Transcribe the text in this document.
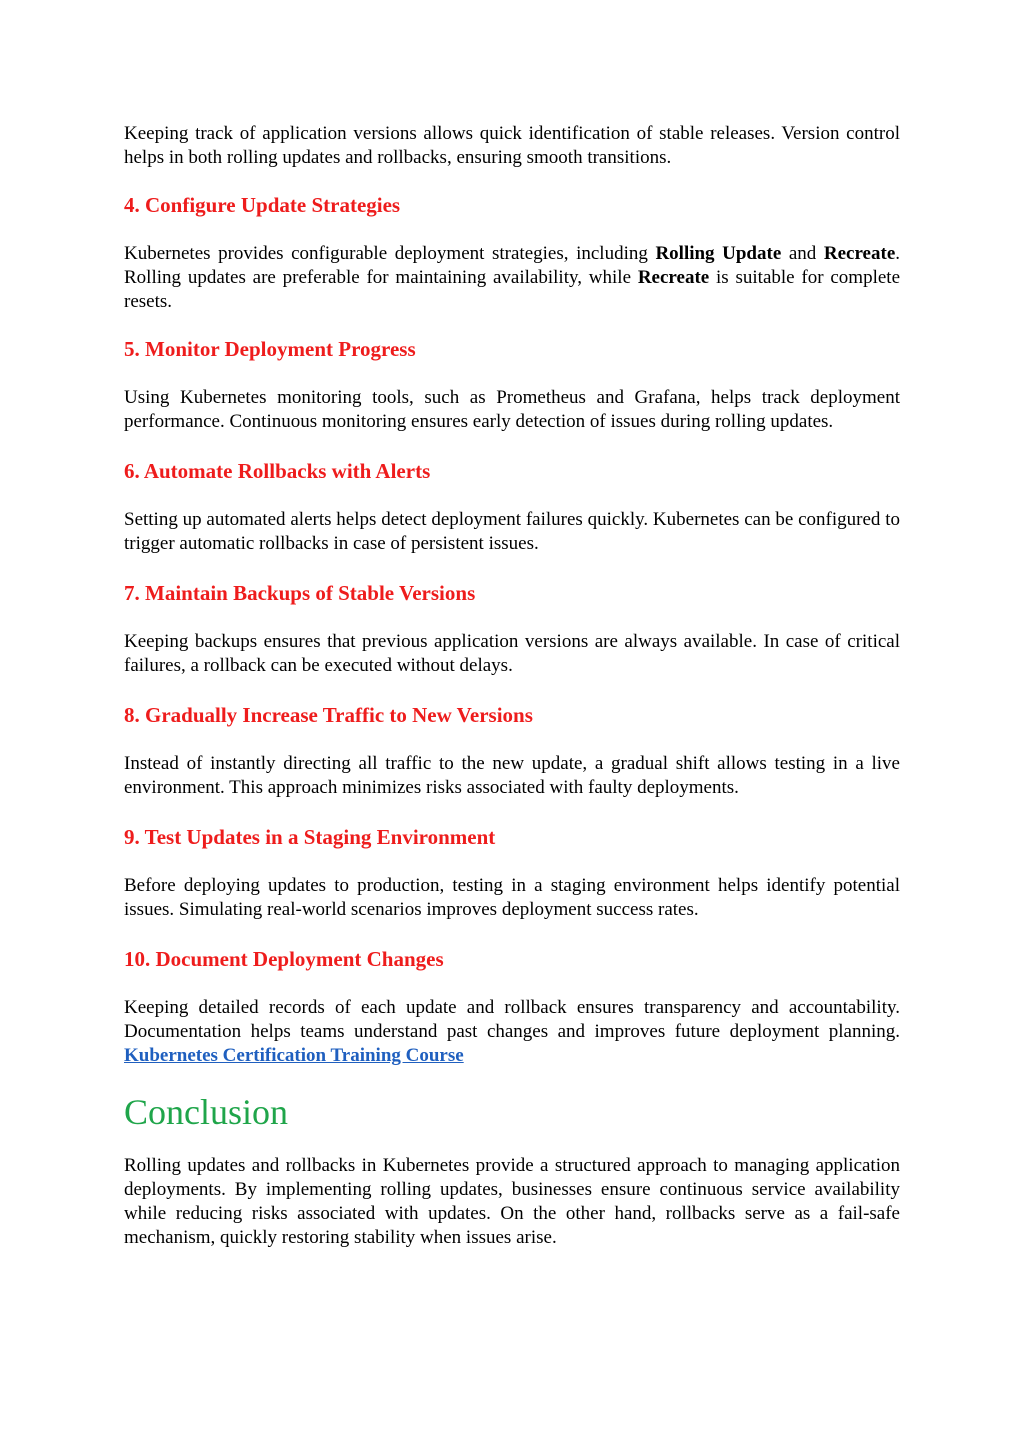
Keeping track of application versions allows quick identification of stable releases. Version control helps in both rolling updates and rollbacks, ensuring smooth transitions.

4. Configure Update Strategies

Kubernetes provides configurable deployment strategies, including Rolling Update and Recreate. Rolling updates are preferable for maintaining availability, while Recreate is suitable for complete resets.

5. Monitor Deployment Progress

Using Kubernetes monitoring tools, such as Prometheus and Grafana, helps track deployment performance. Continuous monitoring ensures early detection of issues during rolling updates.

6. Automate Rollbacks with Alerts

Setting up automated alerts helps detect deployment failures quickly. Kubernetes can be configured to trigger automatic rollbacks in case of persistent issues.

7. Maintain Backups of Stable Versions

Keeping backups ensures that previous application versions are always available. In case of critical failures, a rollback can be executed without delays.

8. Gradually Increase Traffic to New Versions

Instead of instantly directing all traffic to the new update, a gradual shift allows testing in a live environment. This approach minimizes risks associated with faulty deployments.

9. Test Updates in a Staging Environment

Before deploying updates to production, testing in a staging environment helps identify potential issues. Simulating real-world scenarios improves deployment success rates.

10. Document Deployment Changes

Keeping detailed records of each update and rollback ensures transparency and accountability. Documentation helps teams understand past changes and improves future deployment planning. Kubernetes Certification Training Course

Conclusion

Rolling updates and rollbacks in Kubernetes provide a structured approach to managing application deployments. By implementing rolling updates, businesses ensure continuous service availability while reducing risks associated with updates. On the other hand, rollbacks serve as a fail-safe mechanism, quickly restoring stability when issues arise.
